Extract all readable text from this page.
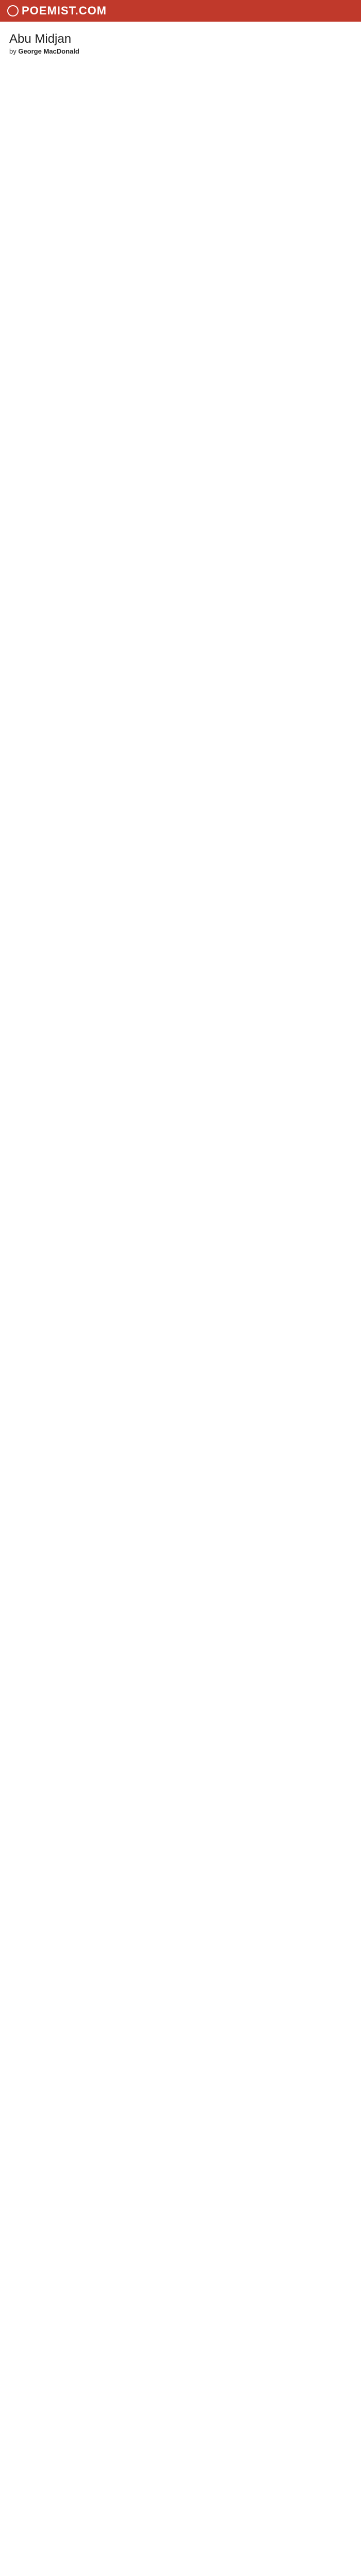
POEMIST.COM
Abu Midjan

by George MacDonald
